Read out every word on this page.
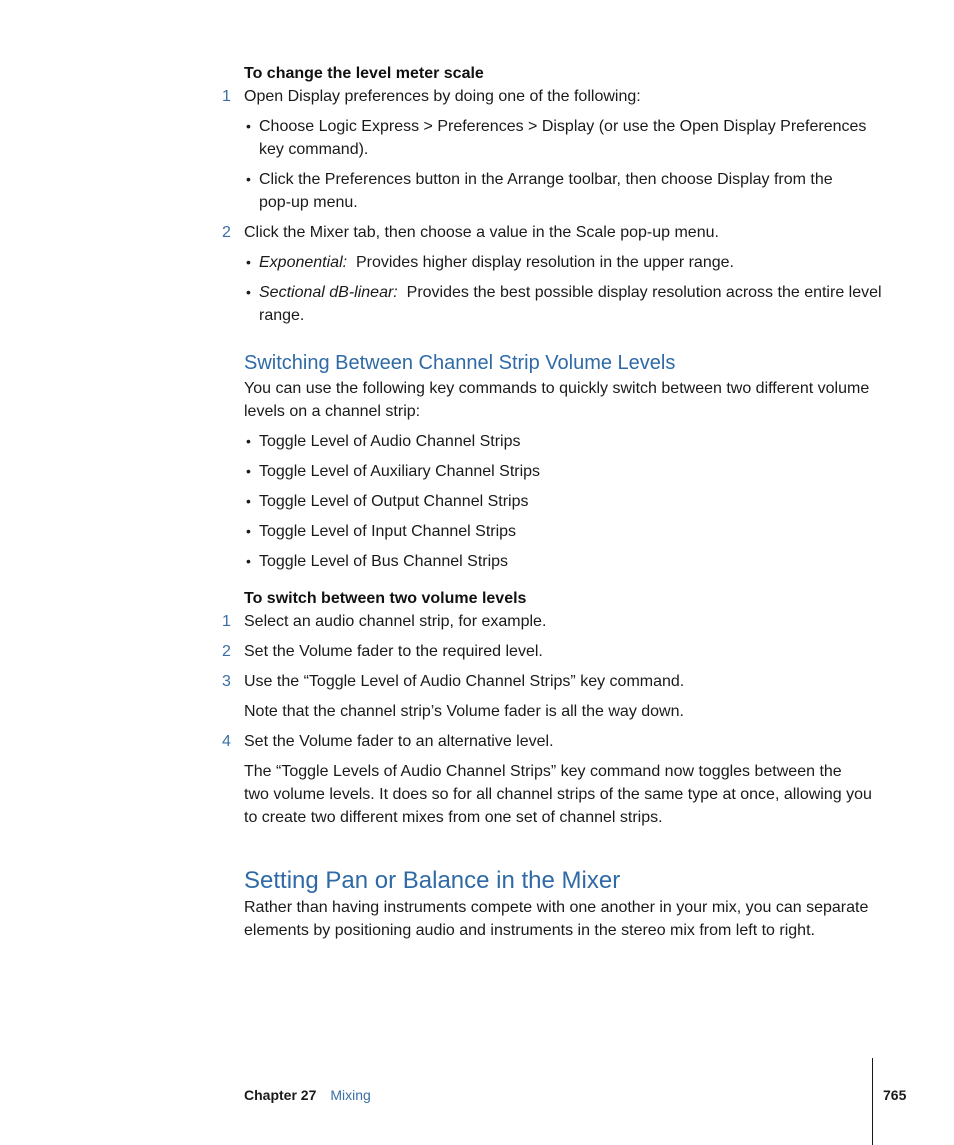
To change the level meter scale
1 Open Display preferences by doing one of the following:
• Choose Logic Express > Preferences > Display (or use the Open Display Preferences
key command).
• Click the Preferences button in the Arrange toolbar, then choose Display from the
pop-up menu.
2 Click the Mixer tab, then choose a value in the Scale pop-up menu.
• Exponential: Provides higher display resolution in the upper range.
• Sectional dB-linear: Provides the best possible display resolution across the entire level
range.
Switching Between Channel Strip Volume Levels
You can use the following key commands to quickly switch between two different volume
levels on a channel strip:
• Toggle Level of Audio Channel Strips
• Toggle Level of Auxiliary Channel Strips
• Toggle Level of Output Channel Strips
• Toggle Level of Input Channel Strips
• Toggle Level of Bus Channel Strips
To switch between two volume levels
1 Select an audio channel strip, for example.
2 Set the Volume fader to the required level.
3 Use the “Toggle Level of Audio Channel Strips” key command.
Note that the channel strip’s Volume fader is all the way down.
4 Set the Volume fader to an alternative level.
The “Toggle Levels of Audio Channel Strips” key command now toggles between the
two volume levels. It does so for all channel strips of the same type at once, allowing you
to create two different mixes from one set of channel strips.
Setting Pan or Balance in the Mixer
Rather than having instruments compete with one another in your mix, you can separate
elements by positioning audio and instruments in the stereo mix from left to right.
Chapter 27 Mixing	765
